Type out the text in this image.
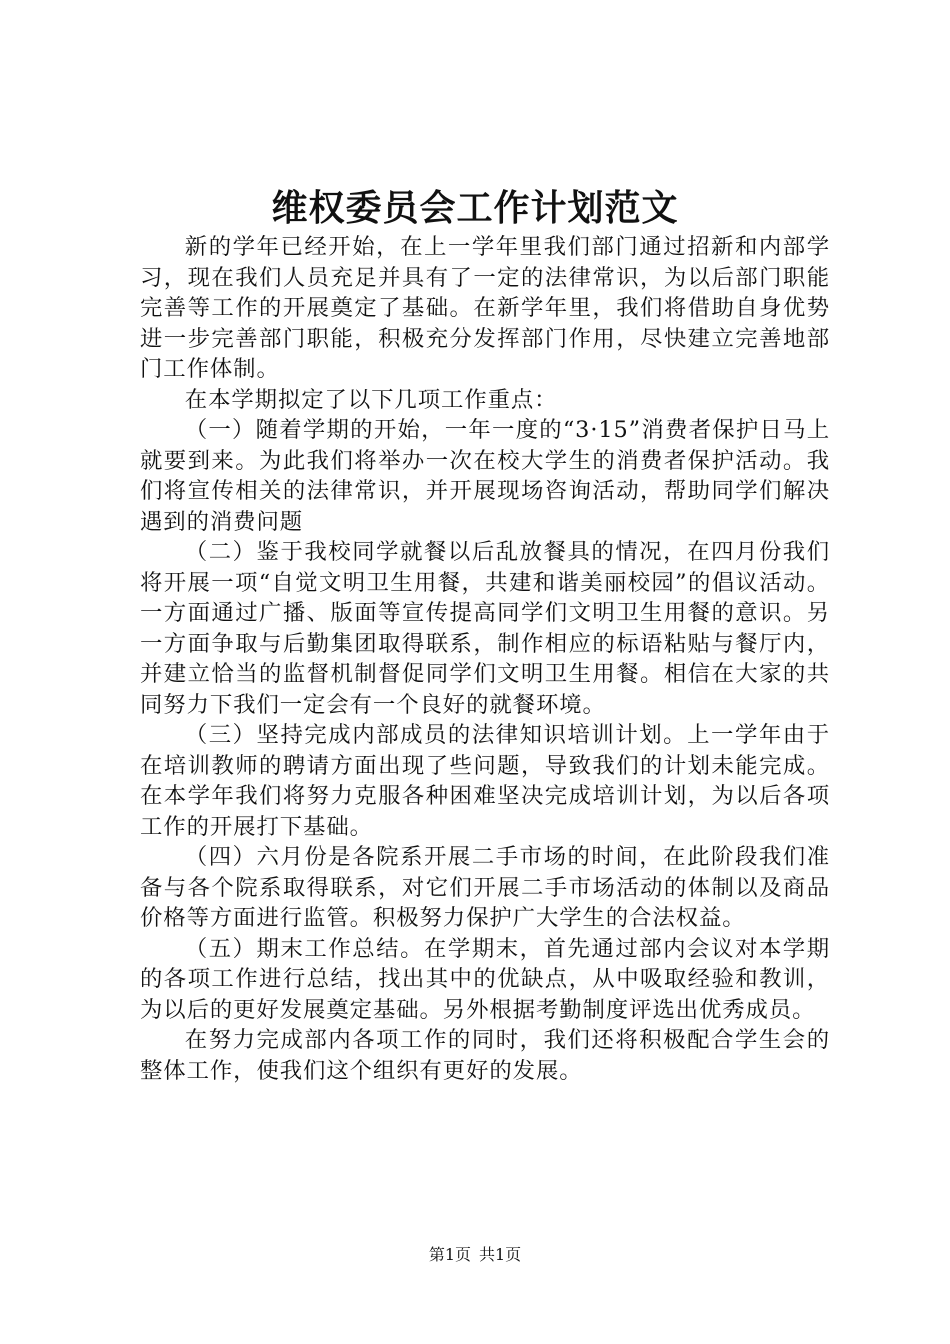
维权委员会工作计划范文

新的学年已经开始，在上一学年里我们部门通过招新和内部学习，现在我们人员充足并具有了一定的法律常识，为以后部门职能完善等工作的开展奠定了基础。在新学年里，我们将借助自身优势进一步完善部门职能，积极充分发挥部门作用，尽快建立完善地部门工作体制。

在本学期拟定了以下几项工作重点：

（一）随着学期的开始，一年一度的“3·15”消费者保护日马上就要到来。为此我们将举办一次在校大学生的消费者保护活动。我们将宣传相关的法律常识，并开展现场咨询活动，帮助同学们解决遇到的消费问题

（二）鉴于我校同学就餐以后乱放餐具的情况，在四月份我们将开展一项“自觉文明卫生用餐，共建和谐美丽校园”的倡议活动。一方面通过广播、版面等宣传提高同学们文明卫生用餐的意识。另一方面争取与后勤集团取得联系，制作相应的标语粘贴与餐厅内，并建立恰当的监督机制督促同学们文明卫生用餐。相信在大家的共同努力下我们一定会有一个良好的就餐环境。

（三）坚持完成内部成员的法律知识培训计划。上一学年由于在培训教师的聘请方面出现了些问题，导致我们的计划未能完成。在本学年我们将努力克服各种困难坚决完成培训计划，为以后各项工作的开展打下基础。

（四）六月份是各院系开展二手市场的时间，在此阶段我们准备与各个院系取得联系，对它们开展二手市场活动的体制以及商品价格等方面进行监管。积极努力保护广大学生的合法权益。

（五）期末工作总结。在学期末，首先通过部内会议对本学期的各项工作进行总结，找出其中的优缺点，从中吸取经验和教训，为以后的更好发展奠定基础。另外根据考勤制度评选出优秀成员。

在努力完成部内各项工作的同时，我们还将积极配合学生会的整体工作，使我们这个组织有更好的发展。

第1页 共1页
